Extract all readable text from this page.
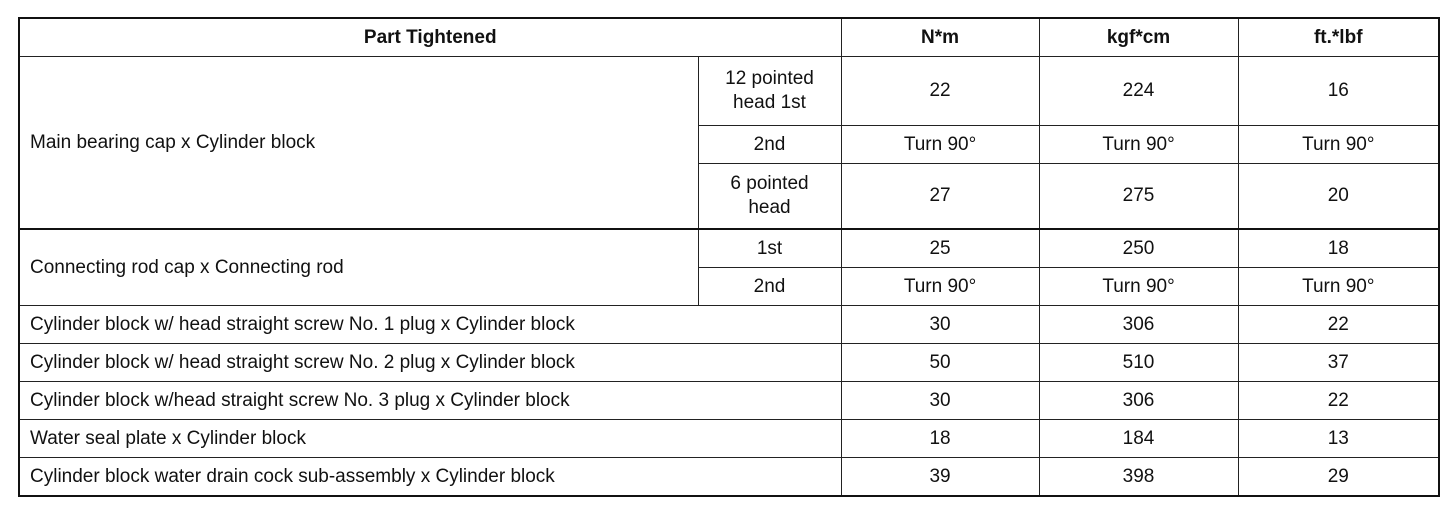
Part Tightened		N*m	kgf*cm	ft.*lbf
Main bearing cap x Cylinder block	12 pointed head 1st	22	224	16
	2nd	Turn 90°	Turn 90°	Turn 90°
	6 pointed head	27	275	20
Connecting rod cap x Connecting rod	1st	25	250	18
	2nd	Turn 90°	Turn 90°	Turn 90°
Cylinder block w/ head straight screw No. 1 plug x Cylinder block		30	306	22
Cylinder block w/ head straight screw No. 2 plug x Cylinder block		50	510	37
Cylinder block w/head straight screw No. 3 plug x Cylinder block		30	306	22
Water seal plate x Cylinder block		18	184	13
Cylinder block water drain cock sub-assembly x Cylinder block		39	398	29
